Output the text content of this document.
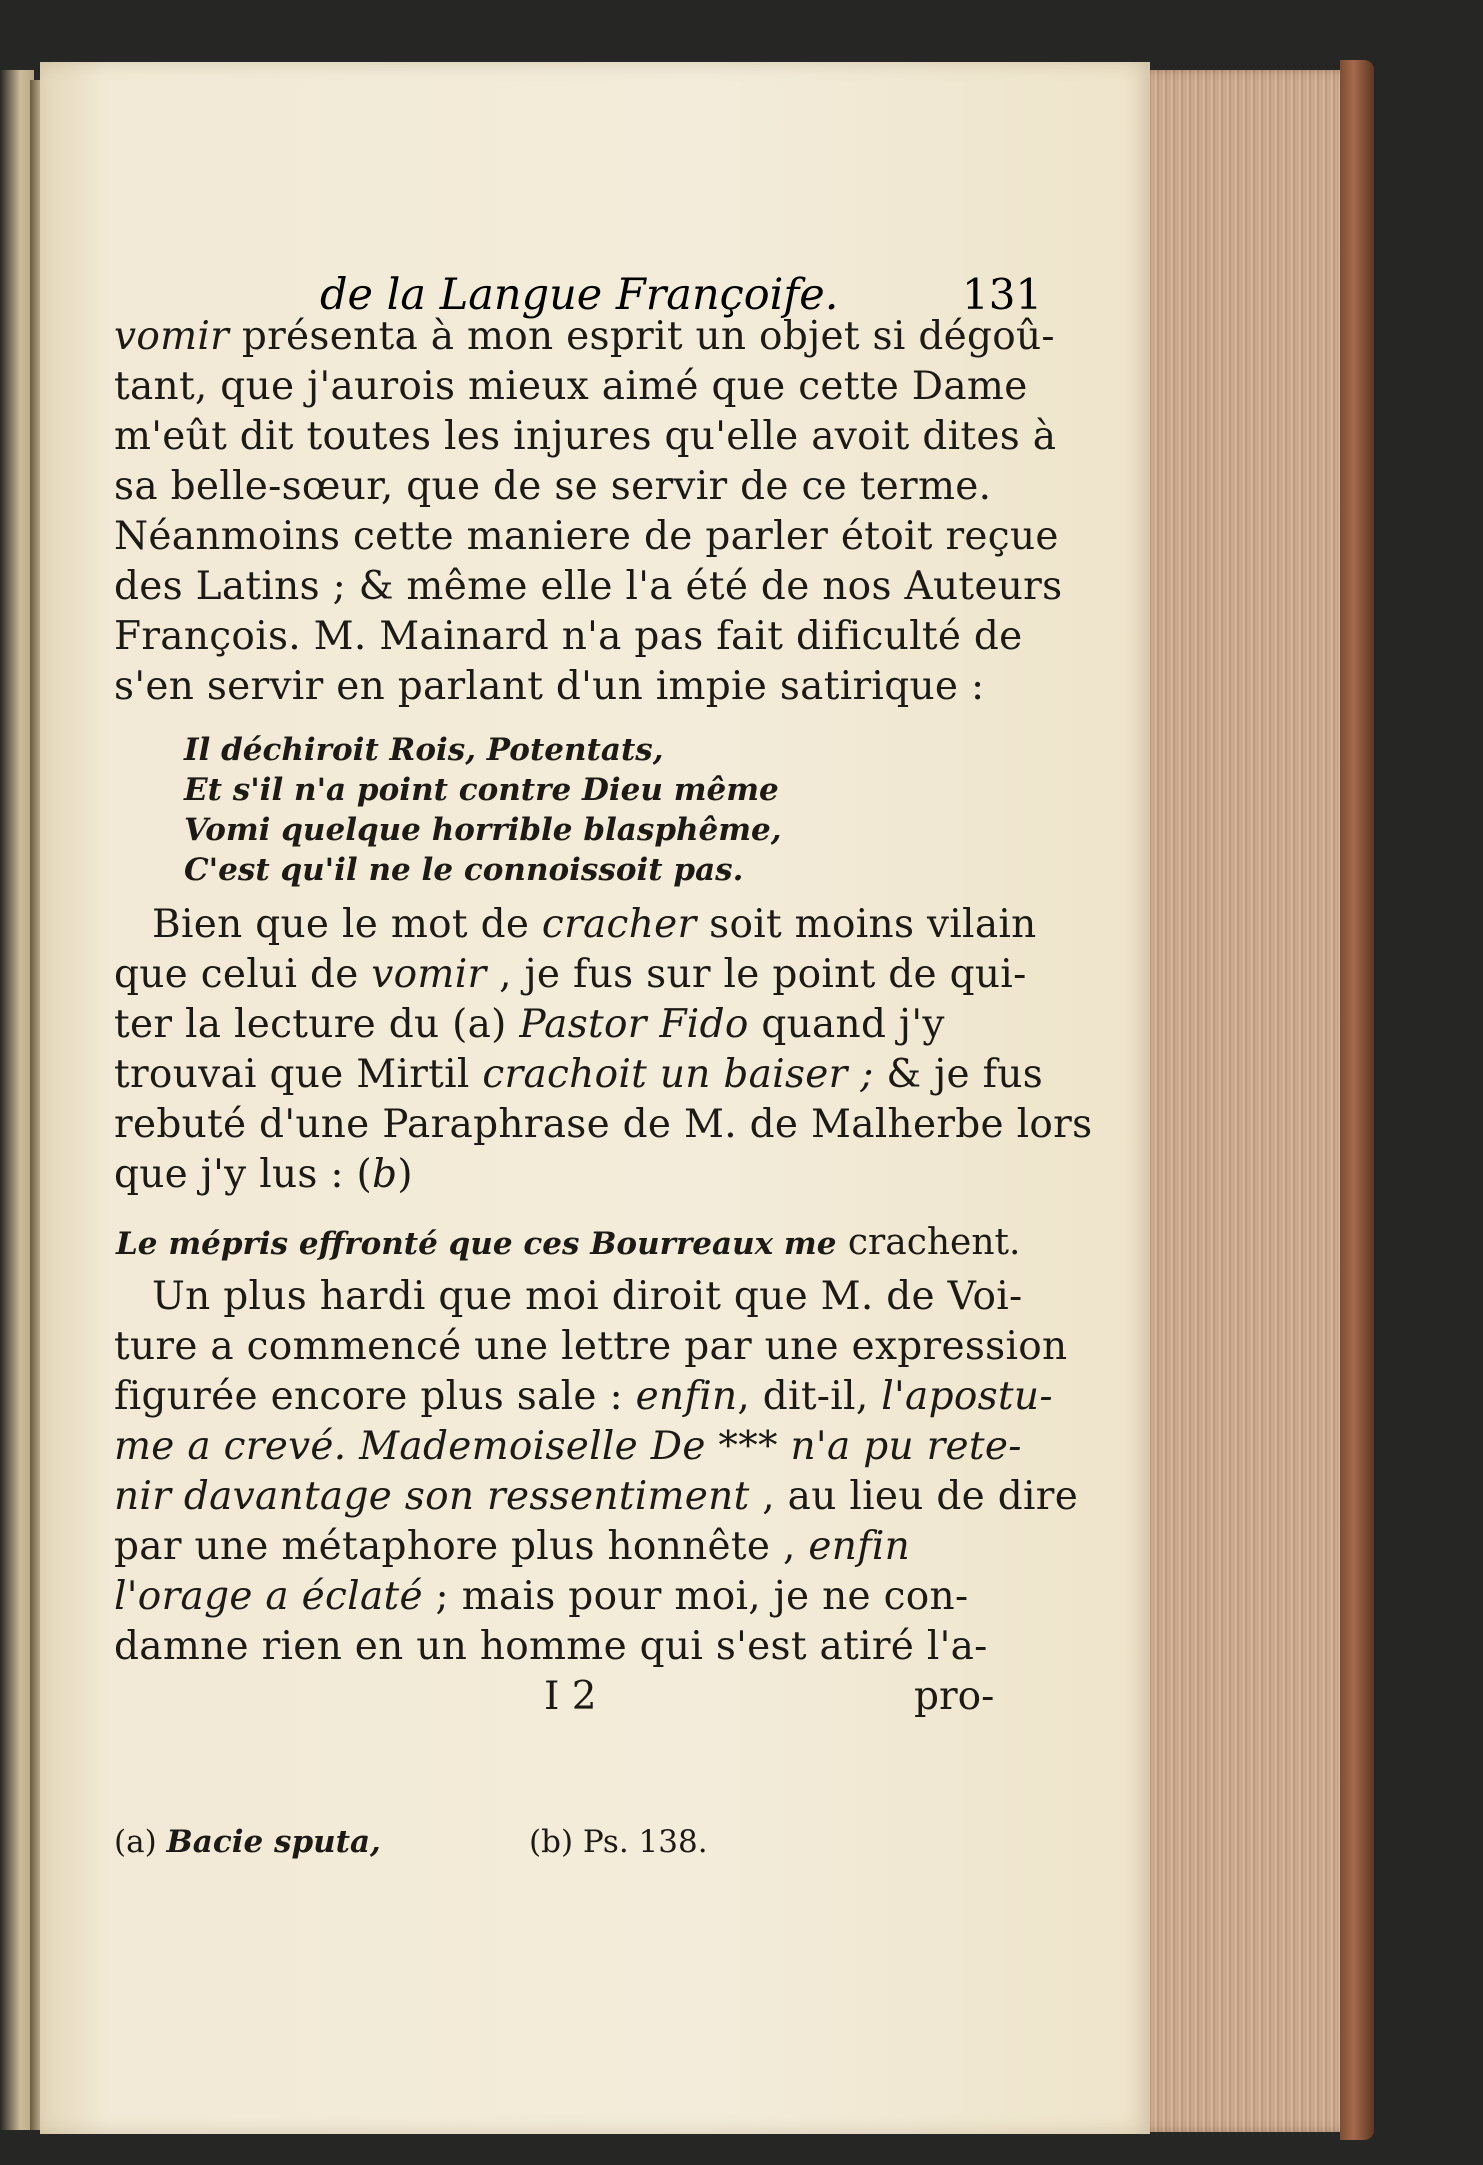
de la Langue Françoife.	131
vomir présenta à mon esprit un objet si dégoû-
tant, que j'aurois mieux aimé que cette Dame
m'eût dit toutes les injures qu'elle avoit dites à
sa belle-sœur, que de se servir de ce terme.
Néanmoins cette maniere de parler étoit reçue
des Latins ; & même elle l'a été de nos Auteurs
François. M. Mainard n'a pas fait dificulté de
s'en servir en parlant d'un impie satirique :
Il déchiroit Rois, Potentats,
Et s'il n'a point contre Dieu même
Vomi quelque horrible blasphême,
C'est qu'il ne le connoissoit pas.
Bien que le mot de cracher soit moins vilain
que celui de vomir , je fus sur le point de qui-
ter la lecture du (a) Pastor Fido quand j'y
trouvai que Mirtil crachoit un baiser ; & je fus
rebuté d'une Paraphrase de M. de Malherbe lors
que j'y lus : (b)
Le mépris effronté que ces Bourreaux me crachent.
Un plus hardi que moi diroit que M. de Voi-
ture a commencé une lettre par une expression
figurée encore plus sale : enfin, dit-il, l'apostu-
me a crevé. Mademoiselle De *** n'a pu rete-
nir davantage son ressentiment , au lieu de dire
par une métaphore plus honnête , enfin
l'orage a éclaté ; mais pour moi, je ne con-
damne rien en un homme qui s'est atiré l'a-
I 2	pro-
(a) Bacie sputa,	(b) Ps. 138.
